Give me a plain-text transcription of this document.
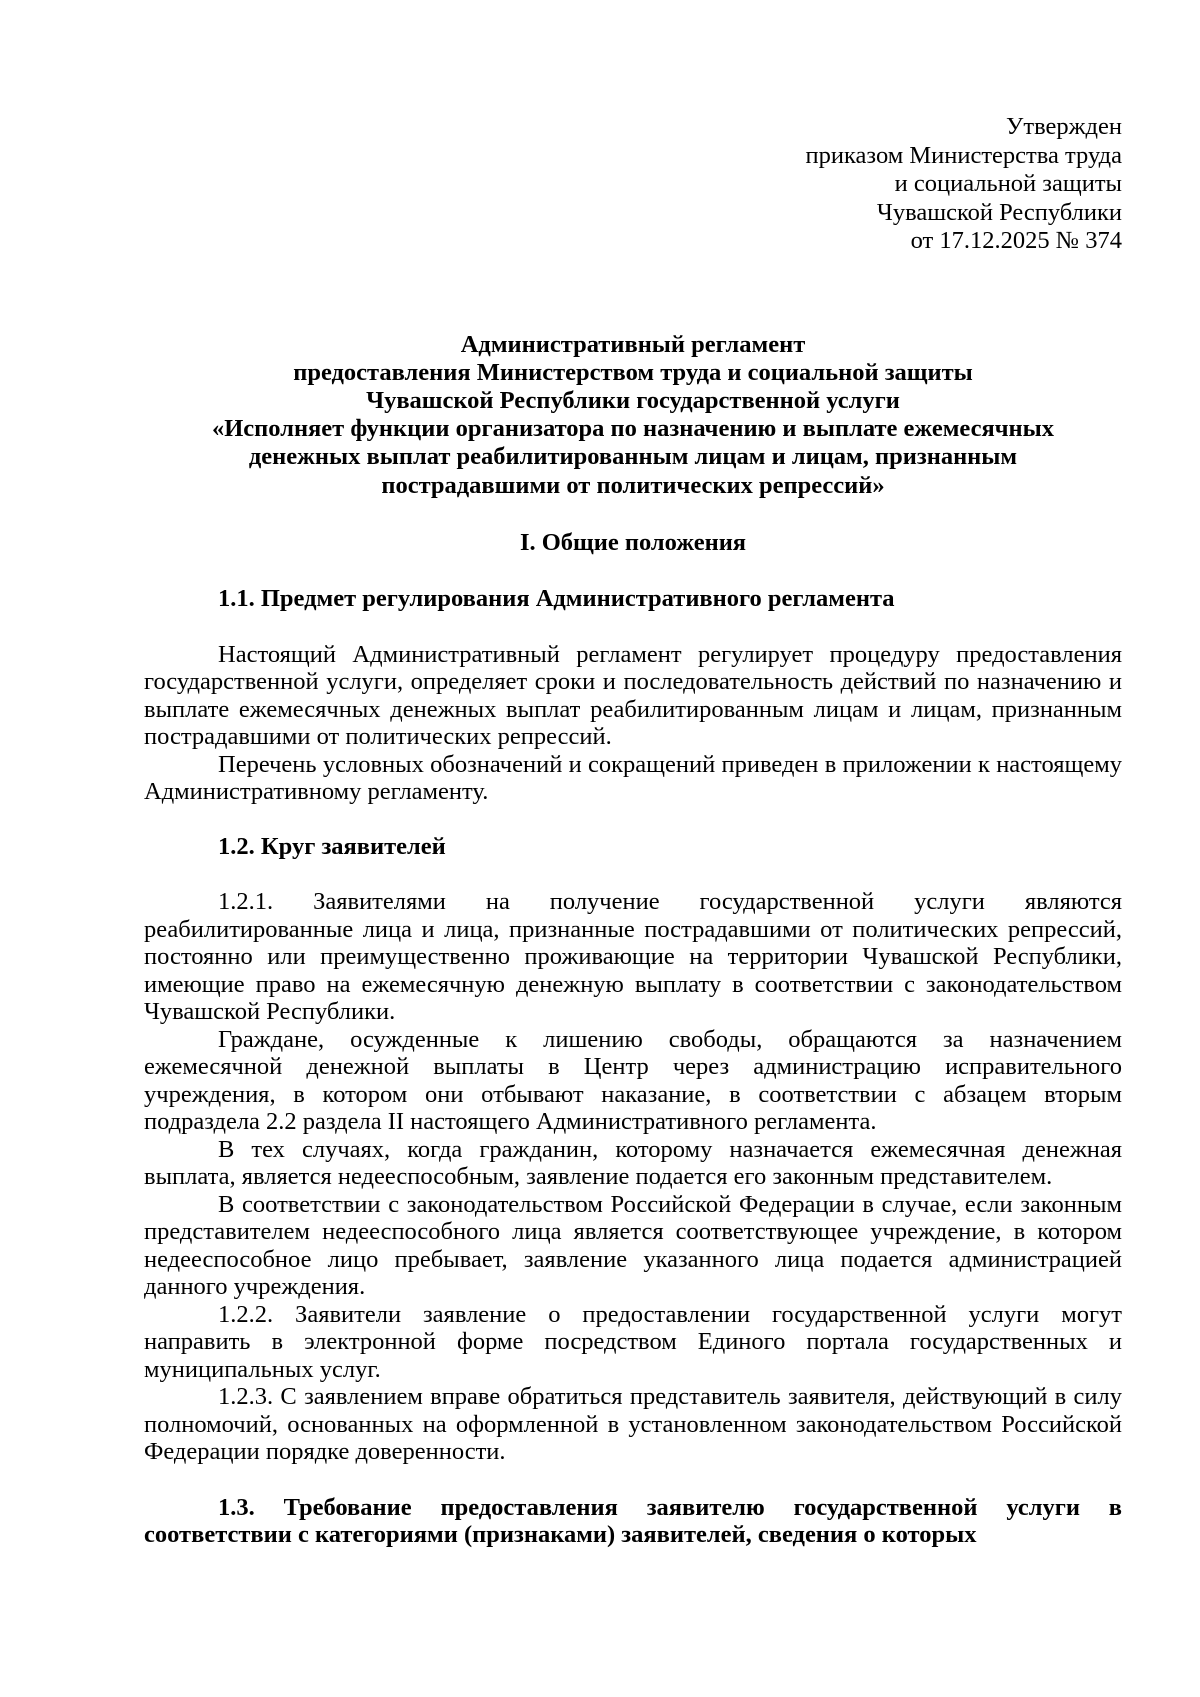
Утвержден
приказом Министерства труда
и социальной защиты
Чувашской Республики
от 17.12.2025 № 374
Административный регламент
предоставления Министерством труда и социальной защиты
Чувашской Республики государственной услуги
«Исполняет функции организатора по назначению и выплате ежемесячных
денежных выплат реабилитированным лицам и лицам, признанным
пострадавшими от политических репрессий»
I. Общие положения

1.1. Предмет регулирования Административного регламента

Настоящий Административный регламент регулирует процедуру предоставления государственной услуги, определяет сроки и последовательность действий по назначению и выплате ежемесячных денежных выплат реабилитированным лицам и лицам, признанным пострадавшими от политических репрессий.

Перечень условных обозначений и сокращений приведен в приложении к настоящему Административному регламенту.

1.2. Круг заявителей

1.2.1. Заявителями на получение государственной услуги являются реабилитированные лица и лица, признанные пострадавшими от политических репрессий, постоянно или преимущественно проживающие на территории Чувашской Республики, имеющие право на ежемесячную денежную выплату в соответствии с законодательством Чувашской Республики.

Граждане, осужденные к лишению свободы, обращаются за назначением ежемесячной денежной выплаты в Центр через администрацию исправительного учреждения, в котором они отбывают наказание, в соответствии с абзацем вторым подраздела 2.2 раздела II настоящего Административного регламента.

В тех случаях, когда гражданин, которому назначается ежемесячная денежная выплата, является недееспособным, заявление подается его законным представителем.

В соответствии с законодательством Российской Федерации в случае, если законным представителем недееспособного лица является соответствующее учреждение, в котором недееспособное лицо пребывает, заявление указанного лица подается администрацией данного учреждения.

1.2.2. Заявители заявление о предоставлении государственной услуги могут направить в электронной форме посредством Единого портала государственных и муниципальных услуг.

1.2.3. С заявлением вправе обратиться представитель заявителя, действующий в силу полномочий, основанных на оформленной в установленном законодательством Российской Федерации порядке доверенности.

1.3. Требование предоставления заявителю государственной услуги в соответствии с категориями (признаками) заявителей, сведения о которых
